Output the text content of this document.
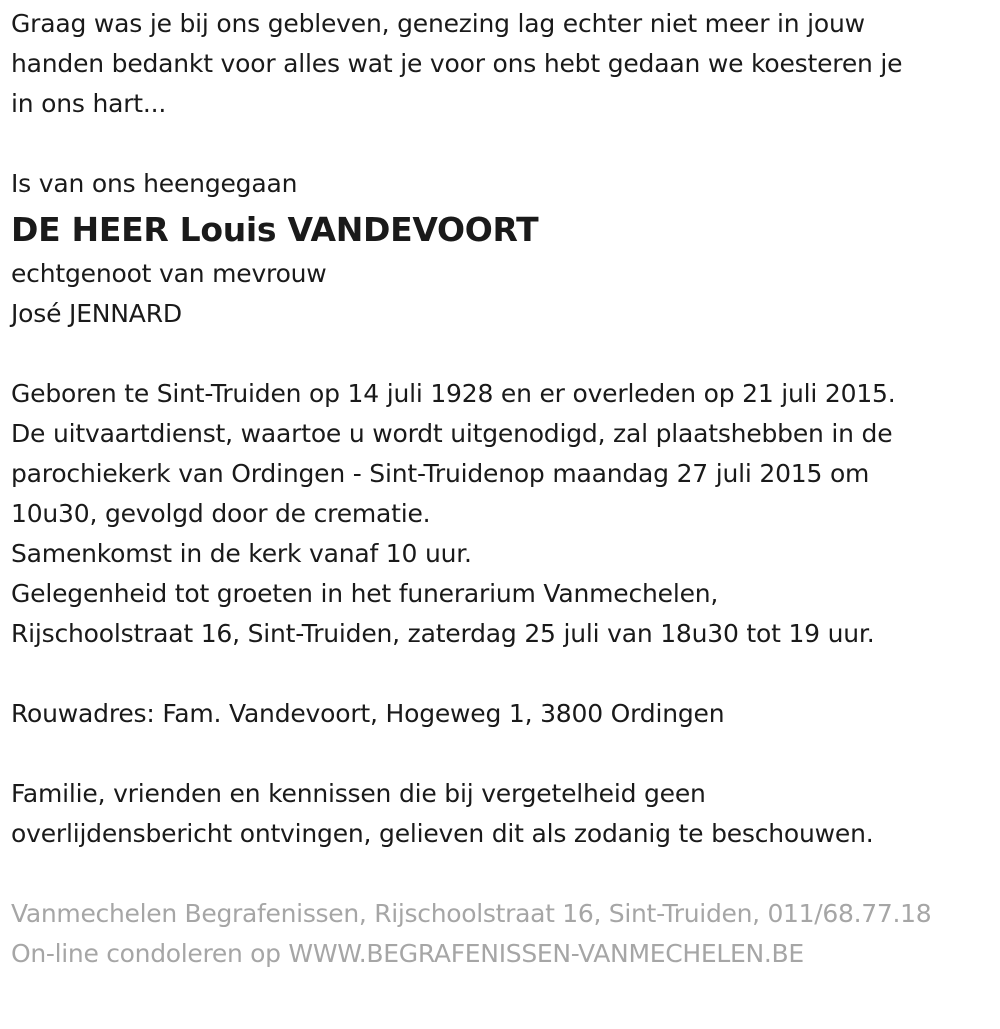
Graag was je bij ons gebleven, genezing lag echter niet meer in jouw
handen bedankt voor alles wat je voor ons hebt gedaan we koesteren je
in ons hart...
Is van ons heengegaan
DE HEER Louis VANDEVOORT
echtgenoot van mevrouw
José JENNARD
Geboren te Sint-Truiden op 14 juli 1928 en er overleden op 21 juli 2015.
De uitvaartdienst, waartoe u wordt uitgenodigd, zal plaatshebben in de
parochiekerk van Ordingen - Sint-Truidenop maandag 27 juli 2015 om
10u30, gevolgd door de crematie.
Samenkomst in de kerk vanaf 10 uur.
Gelegenheid tot groeten in het funerarium Vanmechelen,
Rijschoolstraat 16, Sint-Truiden, zaterdag 25 juli van 18u30 tot 19 uur.
Rouwadres: Fam. Vandevoort, Hogeweg 1, 3800 Ordingen
Familie, vrienden en kennissen die bij vergetelheid geen
overlijdensbericht ontvingen, gelieven dit als zodanig te beschouwen.
Vanmechelen Begrafenissen, Rijschoolstraat 16, Sint-Truiden, 011/68.77.18
On-line condoleren op WWW.BEGRAFENISSEN-VANMECHELEN.BE
